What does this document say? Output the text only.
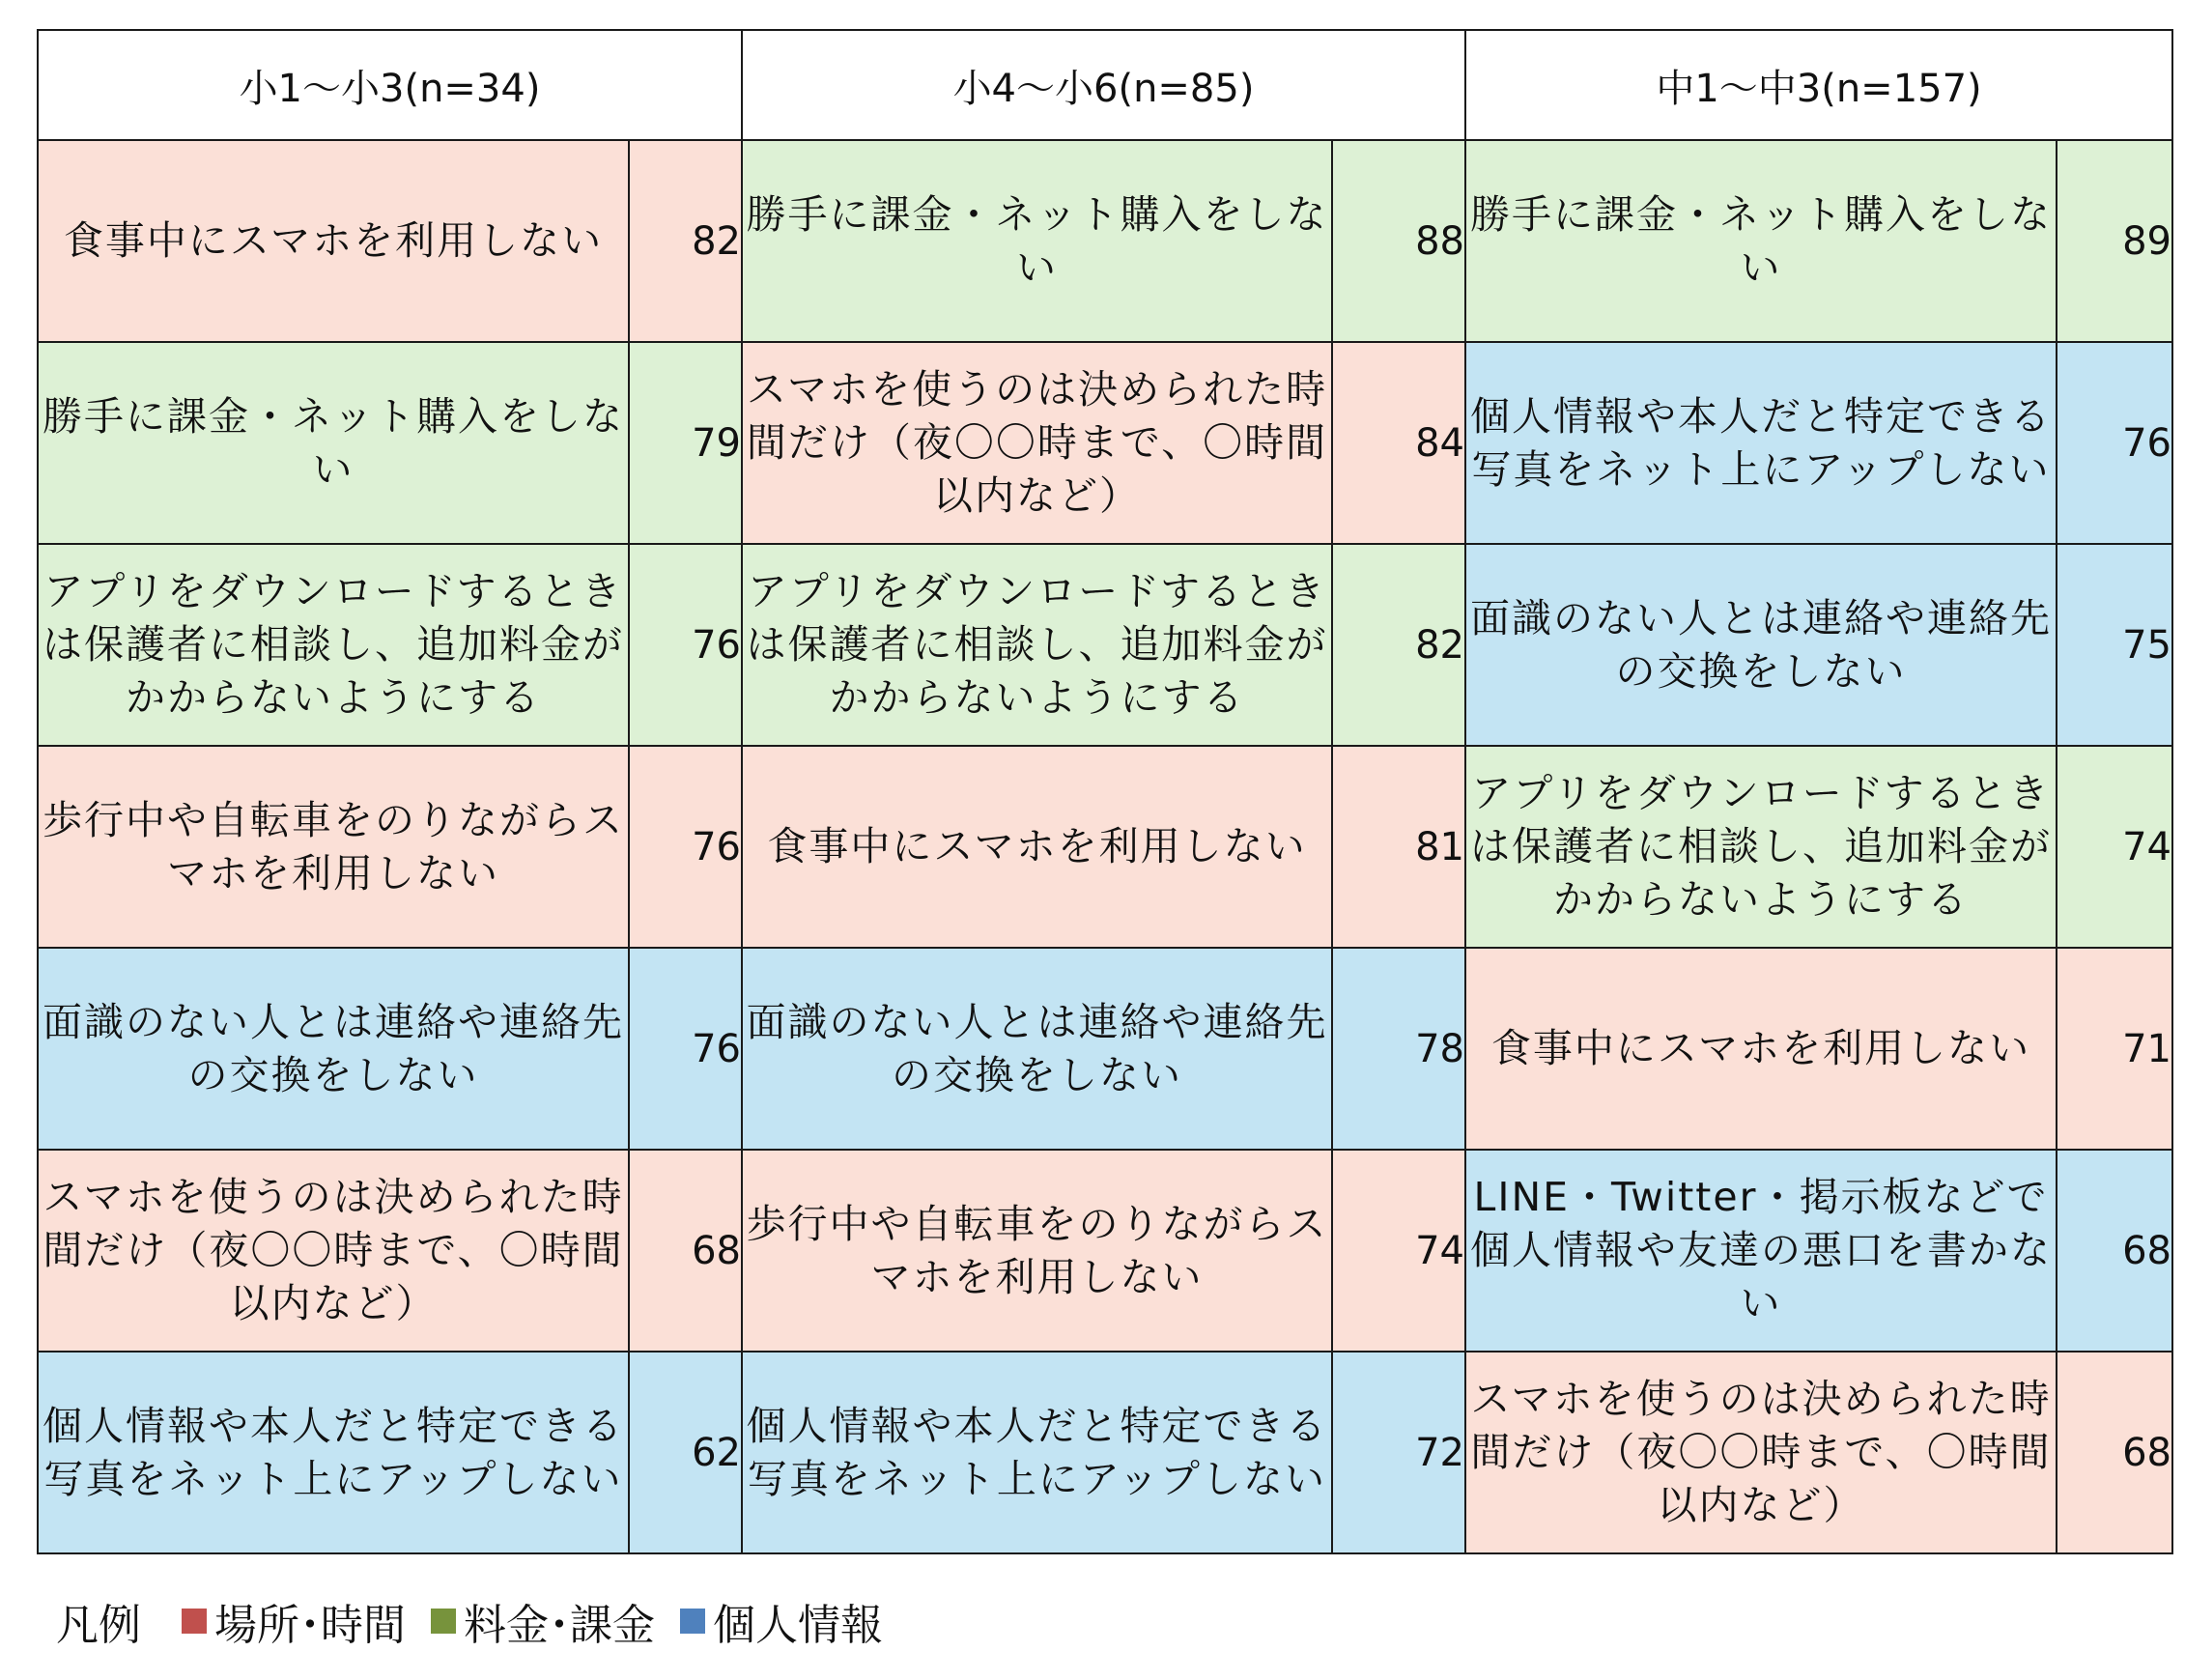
小1〜小3(n=34)		小4〜小6(n=85)		中1〜中3(n=157)	
食事中にスマホを利用しない	82	勝手に課金・ネット購入をしない	88	勝手に課金・ネット購入をしない	89
勝手に課金・ネット購入をしない	79	スマホを使うのは決められた時間だけ（夜〇〇時まで、〇時間以内など）	84	個人情報や本人だと特定できる写真をネット上にアップしない	76
アプリをダウンロードするときは保護者に相談し、追加料金がかからないようにする	76	アプリをダウンロードするときは保護者に相談し、追加料金がかからないようにする	82	面識のない人とは連絡や連絡先の交換をしない	75
歩行中や自転車をのりながらスマホを利用しない	76	食事中にスマホを利用しない	81	アプリをダウンロードするときは保護者に相談し、追加料金がかからないようにする	74
面識のない人とは連絡や連絡先の交換をしない	76	面識のない人とは連絡や連絡先の交換をしない	78	食事中にスマホを利用しない	71
スマホを使うのは決められた時間だけ（夜〇〇時まで、〇時間以内など）	68	歩行中や自転車をのりながらスマホを利用しない	74	LINE・Twitter・掲示板などで個人情報や友達の悪口を書かない	68
個人情報や本人だと特定できる写真をネット上にアップしない	62	個人情報や本人だと特定できる写真をネット上にアップしない	72	スマホを使うのは決められた時間だけ（夜〇〇時まで、〇時間以内など）	68
凡例 場所･時間 料金･課金 個人情報
